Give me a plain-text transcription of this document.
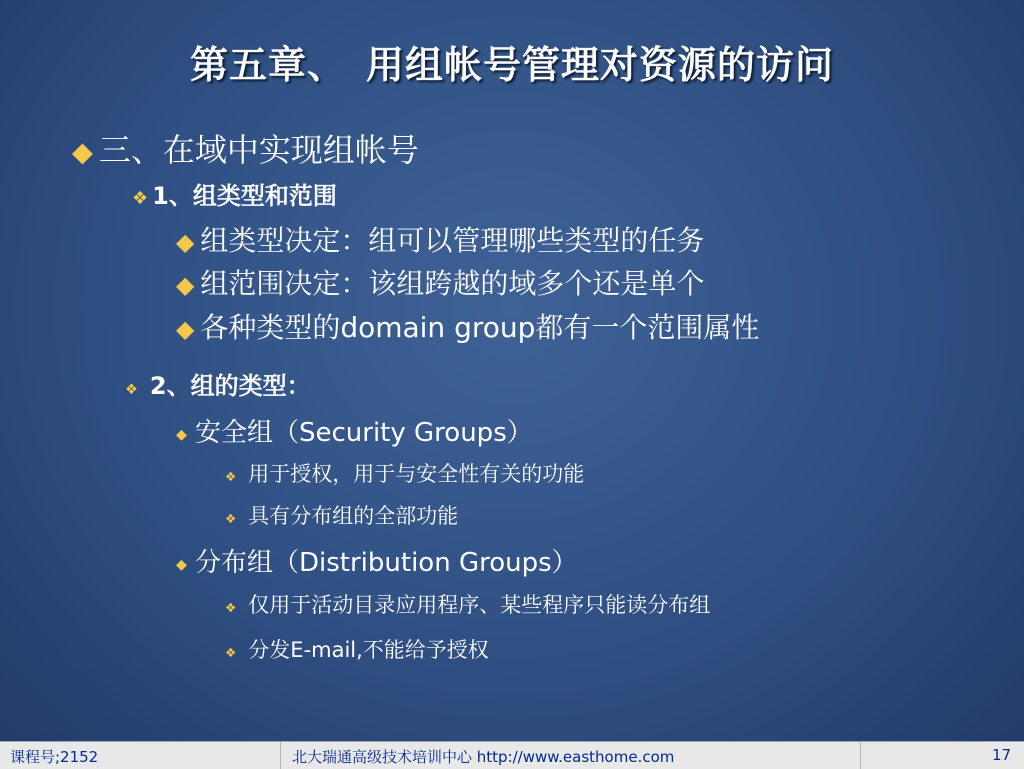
第五章、　用组帐号管理对资源的访问
◆ 三、在域中实现组帐号
❖ 1、组类型和范围
◆ 组类型决定：组可以管理哪些类型的任务
◆ 组范围决定：该组跨越的域多个还是单个
◆ 各种类型的domain group都有一个范围属性
❖ 2、组的类型：
◆ 安全组（Security Groups）
❖ 用于授权，用于与安全性有关的功能
❖ 具有分布组的全部功能
◆ 分布组（Distribution Groups）
❖ 仅用于活动目录应用程序、某些程序只能读分布组
❖ 分发E-mail,不能给予授权
课程号;2152	北大瑞通高级技术培训中心 http://www.easthome.com	17
